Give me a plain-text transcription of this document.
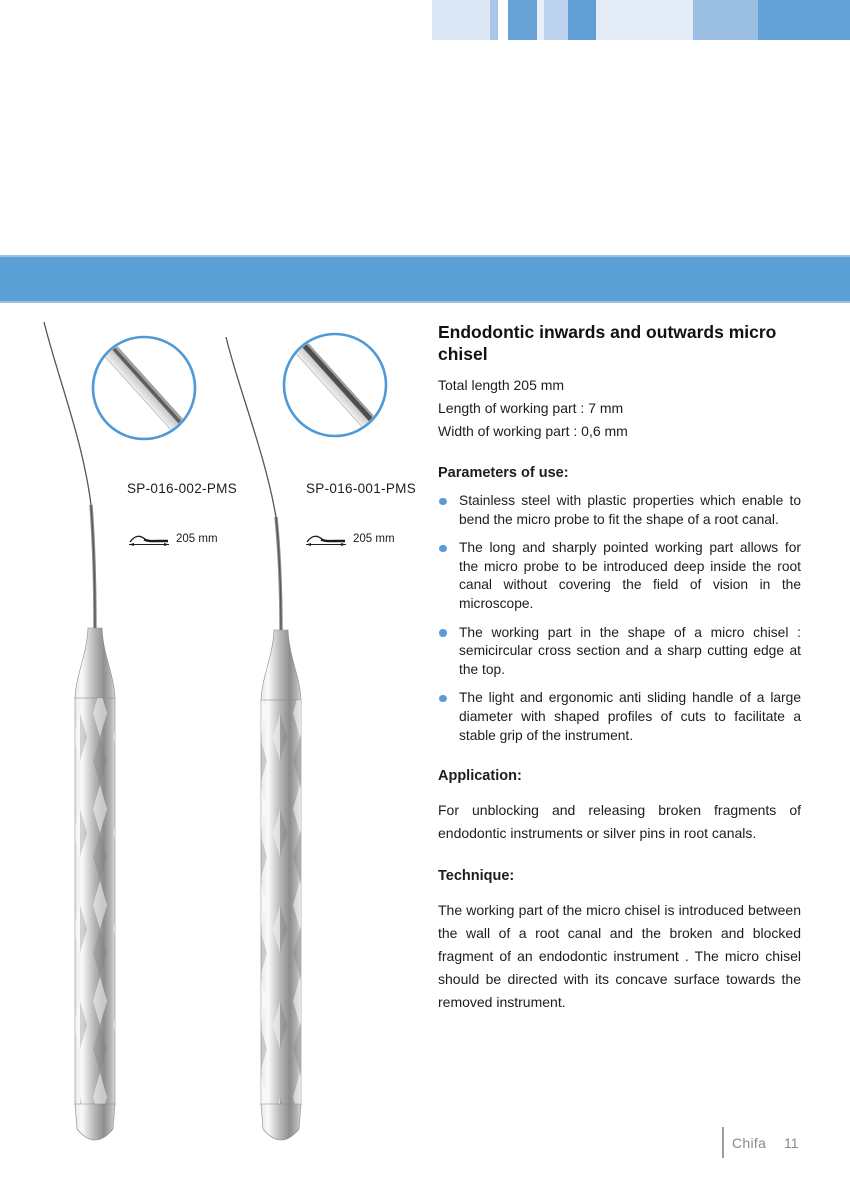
SP-016-002-PMS	SP-016-001-PMS
205 mm	205 mm
Endodontic inwards and outwards micro chisel
Total length 205 mm
Length of working part : 7 mm
Width of working part : 0,6 mm
Parameters of use:
Stainless steel with plastic properties which enable to bend the micro probe to fit the shape of a root canal.
The long and sharply pointed working part allows for the micro probe to be introduced deep inside the root canal without covering the field of vision in the microscope.
The working part in the shape of a micro chisel : semicircular cross section and a sharp cutting edge at the top.
The light and ergonomic anti sliding handle of a large diameter with shaped profiles of cuts to facilitate a stable grip of the instrument.
Application:
For unblocking and releasing broken fragments of endodontic instruments or silver pins in root canals.
Technique:
The working part of the micro chisel is introduced between the wall of a root canal and the broken and blocked fragment of an endodontic instrument . The micro chisel should be directed with its concave surface towards the removed instrument.
Chifa 11
